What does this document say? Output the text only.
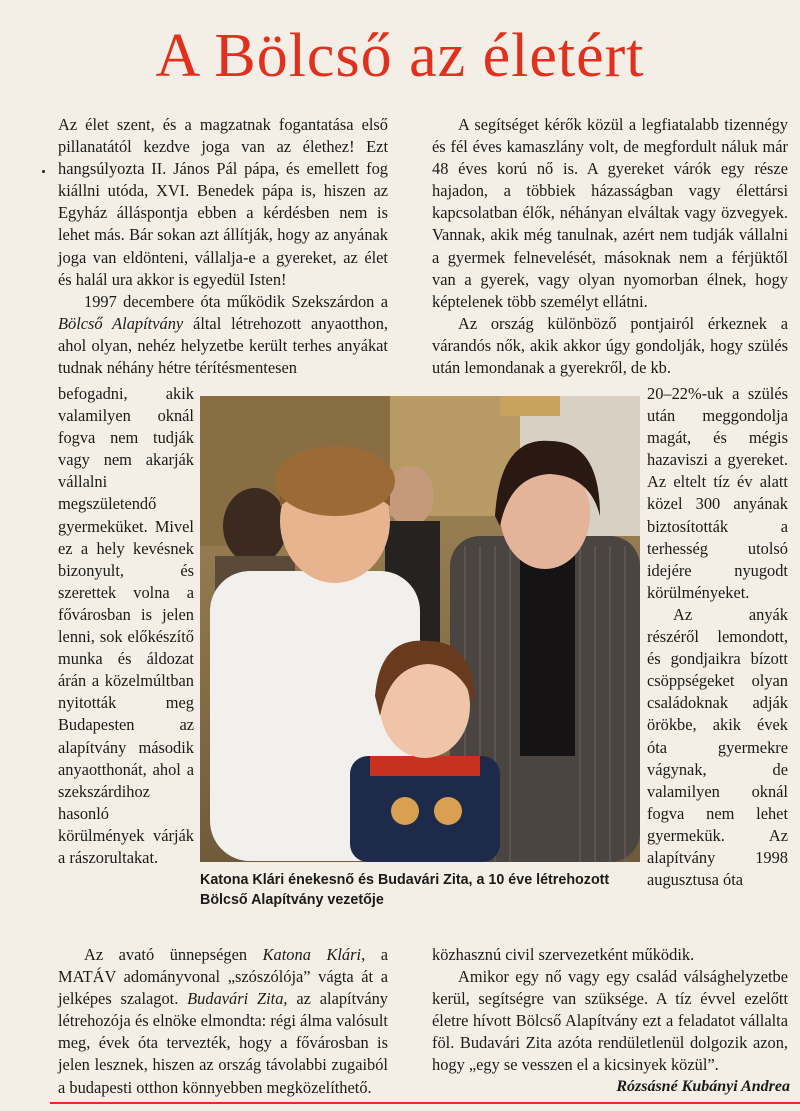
A Bölcső az életért

Az élet szent, és a magzatnak fogantatása első pillanatától kezdve joga van az élethez! Ezt hangsúlyozta II. János Pál pápa, és emellett fog kiállni utóda, XVI. Benedek pápa is, hiszen az Egyház álláspontja ebben a kérdésben nem is lehet más. Bár sokan azt állítják, hogy az anyának joga van eldönteni, vállalja-e a gyereket, az élet és halál ura akkor is egyedül Isten!

1997 decembere óta működik Szekszárdon a Bölcső Alapítvány által létrehozott anyaotthon, ahol olyan, nehéz helyzetbe került terhes anyákat tudnak néhány hétre térítésmentesen

befogadni, akik valamilyen oknál fogva nem tudják vagy nem akarják vállalni megszületendő gyermeküket. Mivel ez a hely kevésnek bizonyult, és szerettek volna a fővárosban is jelen lenni, sok előkészítő munka és áldozat árán a közelmúltban nyitották meg Budapesten az alapítvány második anyaotthonát, ahol a szekszárdihoz hasonló körülmények várják a rászorultakat.

A segítséget kérők közül a legfiatalabb tizennégy és fél éves kamaszlány volt, de megfordult náluk már 48 éves korú nő is. A gyereket várók egy része hajadon, a többiek házasságban vagy élettársi kapcsolatban élők, néhányan elváltak vagy özvegyek. Vannak, akik még tanulnak, azért nem tudják vállalni a gyermek felnevelését, másoknak nem a férjüktől van a gyerek, vagy olyan nyomorban élnek, hogy képtelenek több személyt ellátni.

Az ország különböző pontjairól érkeznek a várandós nők, akik akkor úgy gondolják, hogy szülés után lemondanak a gyerekről, de kb.

20–22%-uk a szülés után meggondolja magát, és mégis hazaviszi a gyereket. Az eltelt tíz év alatt közel 300 anyának biztosították a terhesség utolsó idejére nyugodt körülményeket.

Az anyák részéről lemondott, és gondjaikra bízott csöppségeket olyan családoknak adják örökbe, akik évek óta gyermekre vágynak, de valamilyen oknál fogva nem lehet gyermekük. Az alapítvány 1998 augusztusa óta

Katona Klári énekesnő és Budavári Zita, a 10 éve létrehozott Bölcső Alapítvány vezetője

Az avató ünnepségen Katona Klári, a MATÁV adományvonal „szószólója” vágta át a jelképes szalagot. Budavári Zita, az alapítvány létrehozója és elnöke elmondta: régi álma valósult meg, évek óta tervezték, hogy a fővárosban is jelen lesznek, hiszen az ország távolabbi zugaiból a budapesti otthon könnyebben megközelíthető.

közhasznú civil szervezetként működik.

Amikor egy nő vagy egy család válsághelyzetbe kerül, segítségre van szüksége. A tíz évvel ezelőtt életre hívott Bölcső Alapítvány ezt a feladatot vállalta föl. Budavári Zita azóta rendületlenül dolgozik azon, hogy „egy se vesszen el a kicsinyek közül”.

Rózsásné Kubányi Andrea
